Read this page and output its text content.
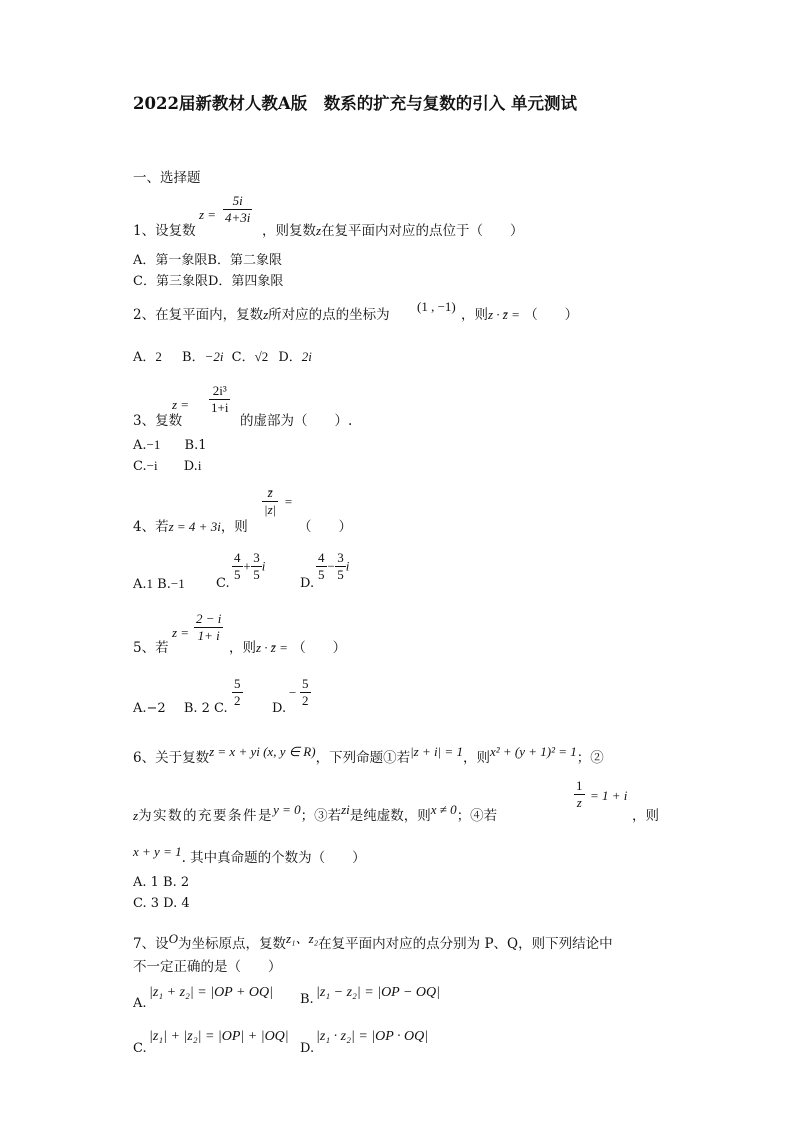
2022届新教材人教A版　数系的扩充与复数的引入 单元测试
一、选择题
$z = \frac{5i}{4+3i}$
1、设复数	，则复数z在复平面内对应的点位于（　　）
A．第一象限B．第二象限
C．第三象限D．第四象限
2、在复平面内，复数z所对应的点的坐标为
(1 , −1)
，则z · z̄ = （　　）
A．2 B．−2i C．√2 D．2i
$z = \frac{\text{2i³}}{1+i}$
3、复数	的虚部为（　　）.
A.−1 B.1
C.−i D.i
4、若z = 4 + 3i，则
$\frac{z̄}{|z|}$ =
（　　）
A.1 B.−1 C.
$\frac{4}{5} + \frac{3}{5}$ i
D.
$\frac{4}{5} - \frac{3}{5}$ i
$z = \frac{2 - i}{1+ i}$
5、若	，则z · z̄ = （　　）
A.−2 B. 2 C. $\frac{5}{2} D$.
− $\frac{5}{2}$
6、关于复数z = x + yi (x, y ∈ R)，下列命题①若|z + i| = 1，则x² + (y + 1)² = 1；②
z为实数的充要条件是y = 0；③若zi是纯虚数，则x ≠ 0；④若
$\frac{1}{z} = 1 + i$
，则
x + y = 1. 其中真命题的个数为（　　）
A. 1 B. 2
C. 3 D. 4
7、设O为坐标原点，复数z₁、z₂在复平面内对应的点分别为 P、Q，则下列结论中
不一定正确的是（　　）
A.
|z₁ + z₂| = |OP + OQ| B. |z₁ − z₂| = |OP − OQ|
C.
|z₁| + |z₂| = |OP| + |OQ|
D.
|z₁ · z₂| = |OP · OQ|
